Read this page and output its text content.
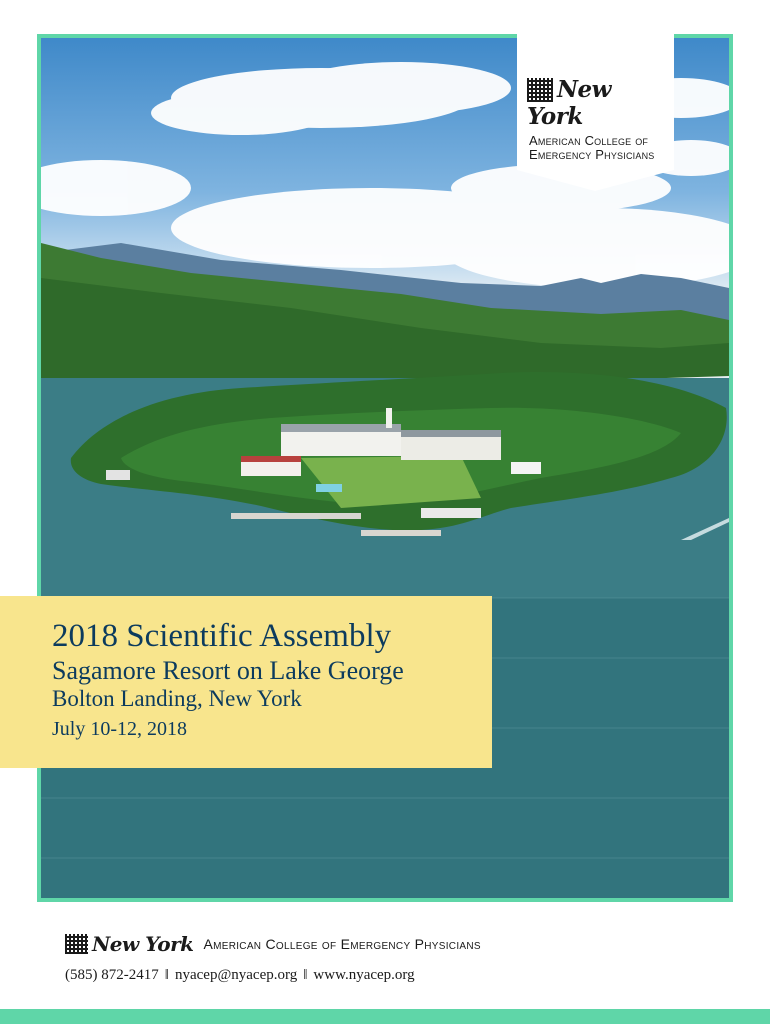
New York
American College of
Emergency Physicians
2018 Scientific Assembly
Sagamore Resort on Lake George
Bolton Landing, New York
July 10-12, 2018
New York American College of Emergency Physicians
(585) 872-2417 ‖ nyacep@nyacep.org ‖ www.nyacep.org
